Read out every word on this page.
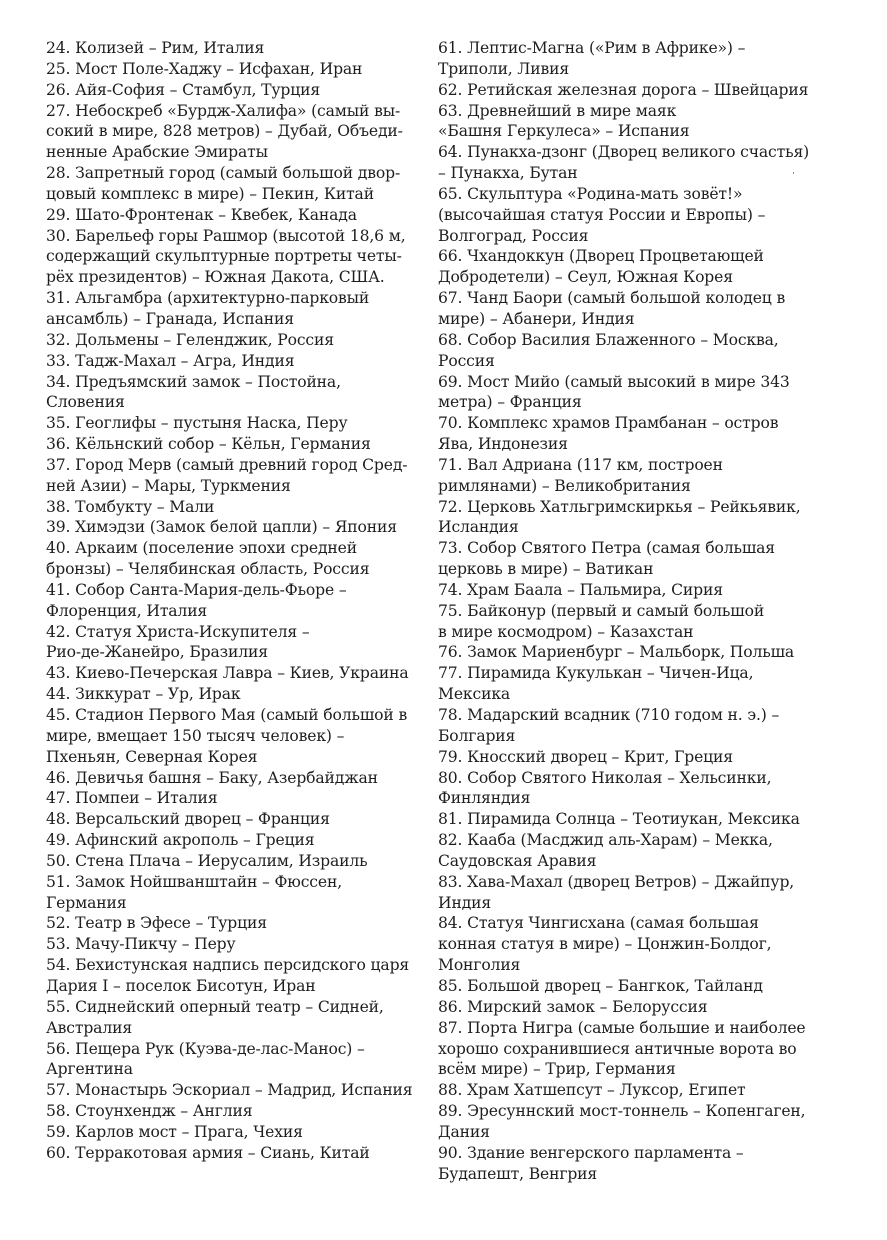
24. Колизей – Рим, Италия
25. Мост Поле-Хаджу – Исфахан, Иран
26. Айя-София – Стамбул, Турция
27. Небоскреб «Бурдж-Халифа» (самый вы-
сокий в мире, 828 метров) – Дубай, Объеди-
ненные Арабские Эмираты
28. Запретный город (самый большой двор-
цовый комплекс в мире) – Пекин, Китай
29. Шато-Фронтенак – Квебек, Канада
30. Барельеф горы Рашмор (высотой 18,6 м,
содержащий скульптурные портреты четы-
рёх президентов) – Южная Дакота, США.
31. Альгамбра (архитектурно-парковый
ансамбль) – Гранада, Испания
32. Дольмены – Геленджик, Россия
33. Тадж-Махал – Агра, Индия
34. Предъямский замок – Постойна,
Словения
35. Геоглифы – пустыня Наска, Перу
36. Кёльнский собор – Кёльн, Германия
37. Город Мерв (самый древний город Сред-
ней Азии) – Мары, Туркмения
38. Томбукту – Мали
39. Химэдзи (Замок белой цапли) – Япония
40. Аркаим (поселение эпохи средней
бронзы) – Челябинская область, Россия
41. Собор Санта-Мария-дель-Фьоре –
Флоренция, Италия
42. Статуя Христа-Искупителя –
Рио-де-Жанейро, Бразилия
43. Киево-Печерская Лавра – Киев, Украина
44. Зиккурат – Ур, Ирак
45. Стадион Первого Мая (самый большой в
мире, вмещает 150 тысяч человек) –
Пхеньян, Северная Корея
46. Девичья башня – Баку, Азербайджан
47. Помпеи – Италия
48. Версальский дворец – Франция
49. Афинский акрополь – Греция
50. Стена Плача – Иерусалим, Израиль
51. Замок Нойшванштайн – Фюссен,
Германия
52. Театр в Эфесе – Турция
53. Мачу-Пикчу – Перу
54. Бехистунская надпись персидского царя
Дария I – поселок Бисотун, Иран
55. Сиднейский оперный театр – Сидней,
Австралия
56. Пещера Рук (Куэва-де-лас-Манос) –
Аргентина
57. Монастырь Эскориал – Мадрид, Испания
58. Стоунхендж – Англия
59. Карлов мост – Прага, Чехия
60. Терракотовая армия – Сиань, Китай
61. Лептис-Магна («Рим в Африке») –
Триполи, Ливия
62. Ретийская железная дорога – Швейцария
63. Древнейший в мире маяк
«Башня Геркулеса» – Испания
64. Пунакха-дзонг (Дворец великого счастья)
– Пунакха, Бутан
65. Скульптура «Родина-мать зовёт!»
(высочайшая статуя России и Европы) –
Волгоград, Россия
66. Чхандоккун (Дворец Процветающей
Добродетели) – Сеул, Южная Корея
67. Чанд Баори (самый большой колодец в
мире) – Абанери, Индия
68. Собор Василия Блаженного – Москва,
Россия
69. Мост Мийо (самый высокий в мире 343
метра) – Франция
70. Комплекс храмов Прамбанан – остров
Ява, Индонезия
71. Вал Адриана (117 км, построен
римлянами) – Великобритания
72. Церковь Хатльгримскиркья – Рейкьявик,
Исландия
73. Собор Святого Петра (самая большая
церковь в мире) – Ватикан
74. Храм Баала – Пальмира, Сирия
75. Байконур (первый и самый большой
в мире космодром) – Казахстан
76. Замок Мариенбург – Мальборк, Польша
77. Пирамида Кукулькан – Чичен-Ица,
Мексика
78. Мадарский всадник (710 годом н. э.) –
Болгария
79. Кносский дворец – Крит, Греция
80. Собор Святого Николая – Хельсинки,
Финляндия
81. Пирамида Солнца – Теотиукан, Мексика
82. Кааба (Масджид аль-Харам) – Мекка,
Саудовская Аравия
83. Хава-Махал (дворец Ветров) – Джайпур,
Индия
84. Статуя Чингисхана (самая большая
конная статуя в мире) – Цонжин-Болдог,
Монголия
85. Большой дворец – Бангкок, Тайланд
86. Мирский замок – Белоруссия
87. Порта Нигра (самые большие и наиболее
хорошо сохранившиеся античные ворота во
всём мире) – Трир, Германия
88. Храм Хатшепсут – Луксор, Египет
89. Эресуннский мост-тоннель – Копенгаген,
Дания
90. Здание венгерского парламента –
Будапешт, Венгрия
